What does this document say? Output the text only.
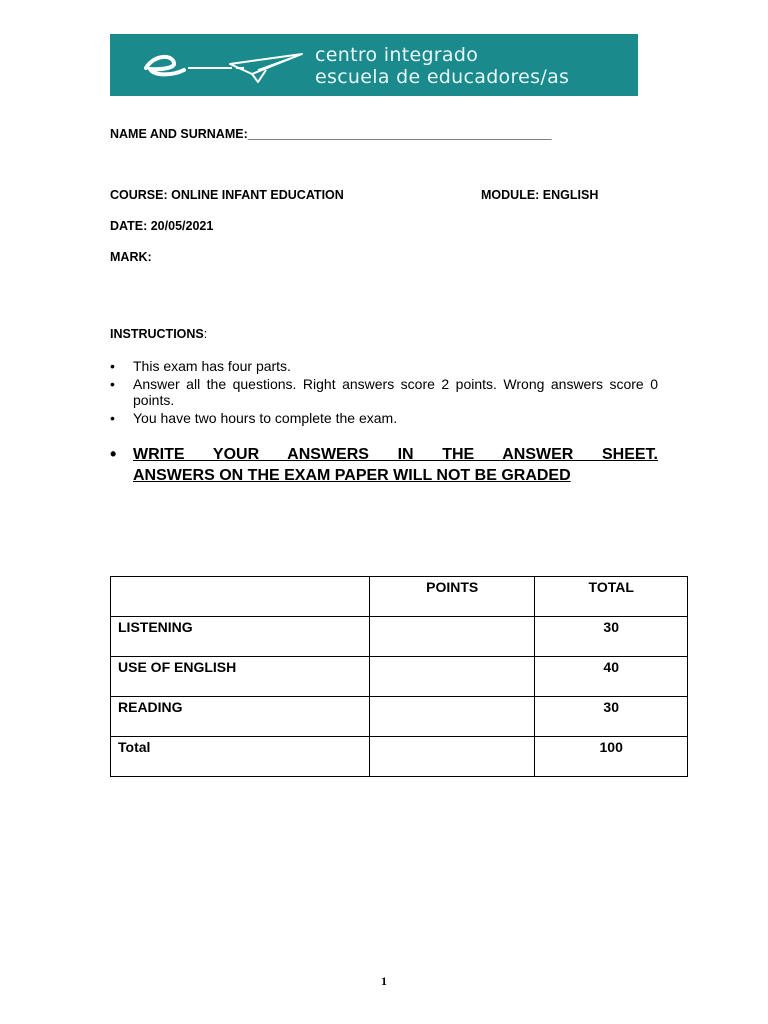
centro integrado
escuela de educadores/as
NAME AND SURNAME:_______________________________________________
COURSE: ONLINE INFANT EDUCATION	MODULE: ENGLISH
DATE: 20/05/2021
MARK:
INSTRUCTIONS:
• This exam has four parts.
• Answer all the questions. Right answers score 2 points. Wrong answers score 0 points.
• You have two hours to complete the exam.
• WRITE YOUR ANSWERS IN THE ANSWER SHEET.
ANSWERS ON THE EXAM PAPER WILL NOT BE GRADED
	POINTS	TOTAL
LISTENING		30
USE OF ENGLISH		40
READING		30
Total		100
1
